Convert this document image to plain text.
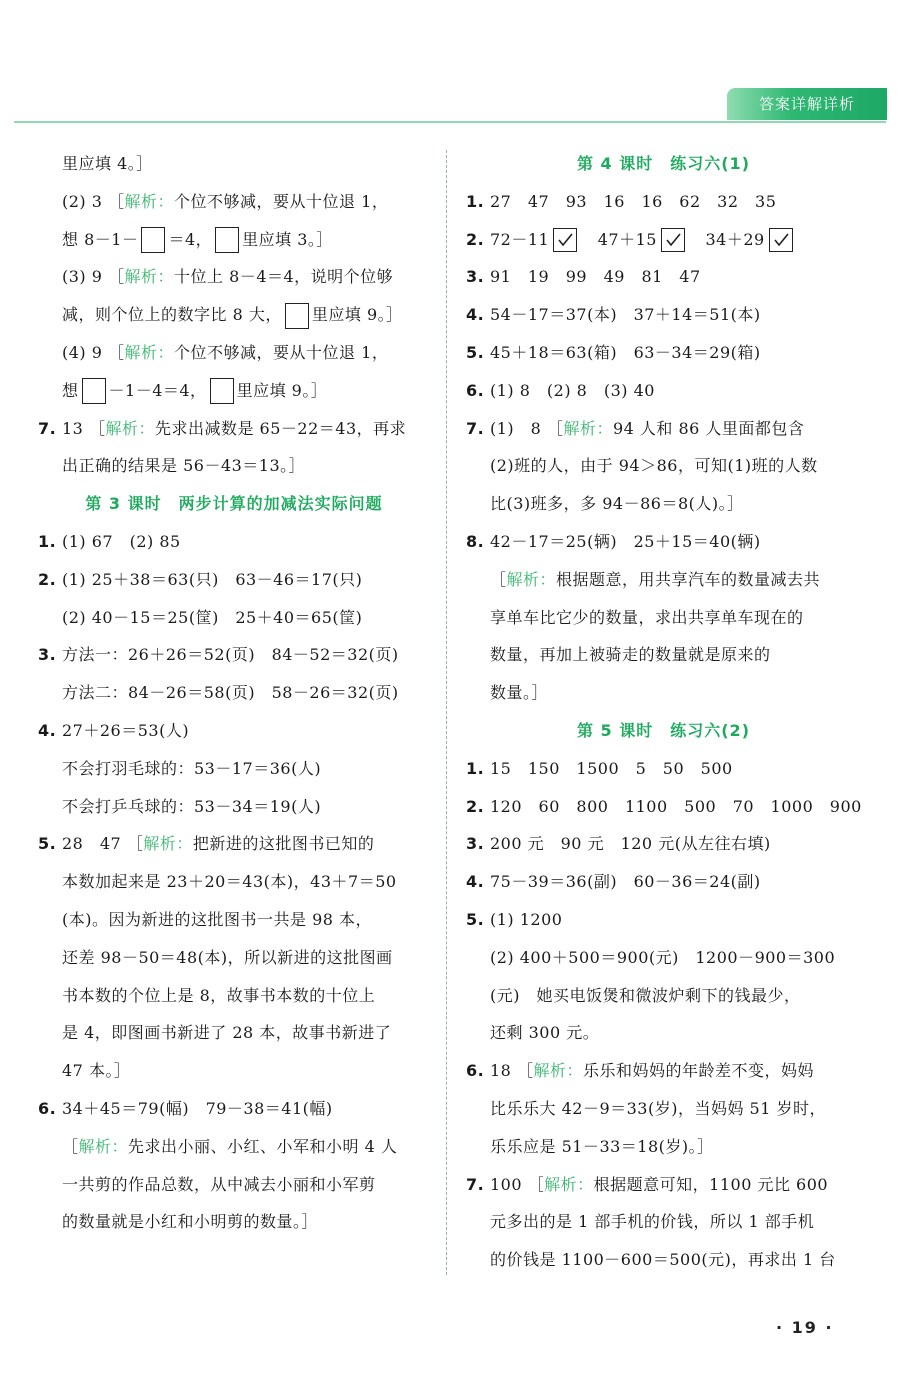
答案详解详析
里应填 4。］
(2) 3 ［解析：个位不够减，要从十位退 1，
想 8－1－ ＝4， 里应填 3。］
(3) 9 ［解析：十位上 8－4＝4，说明个位够
减，则个位上的数字比 8 大， 里应填 9。］
(4) 9 ［解析：个位不够减，要从十位退 1，
想 －1－4＝4， 里应填 9。］
7. 13 ［解析：先求出减数是 65－22＝43，再求
出正确的结果是 56－43＝13。］
第 3 课时　两步计算的加减法实际问题
1. (1) 67　(2) 85
2. (1) 25＋38＝63(只)　63－46＝17(只)
(2) 40－15＝25(筐)　25＋40＝65(筐)
3. 方法一：26＋26＝52(页)　84－52＝32(页)
方法二：84－26＝58(页)　58－26＝32(页)
4. 27＋26＝53(人)
不会打羽毛球的：53－17＝36(人)
不会打乒乓球的：53－34＝19(人)
5. 28　47 ［解析：把新进的这批图书已知的
本数加起来是 23＋20＝43(本)，43＋7＝50
(本)。因为新进的这批图书一共是 98 本，
还差 98－50＝48(本)，所以新进的这批图画
书本数的个位上是 8，故事书本数的十位上
是 4，即图画书新进了 28 本，故事书新进了
47 本。］
6. 34＋45＝79(幅)　79－38＝41(幅)
［解析：先求出小丽、小红、小军和小明 4 人
一共剪的作品总数，从中减去小丽和小军剪
的数量就是小红和小明剪的数量。］
第 4 课时　练习六(1)
1. 27　47　93　16　16　62　32　35
2. 72－11
　	47＋15
　	34＋29
3. 91　19　99　49　81　47
4. 54－17＝37(本)　37＋14＝51(本)
5. 45＋18＝63(箱)　63－34＝29(箱)
6. (1) 8　(2) 8　(3) 40
7. (1)　8 ［解析：94 人和 86 人里面都包含
(2)班的人，由于 94＞86，可知(1)班的人数
比(3)班多，多 94－86＝8(人)。］
8. 42－17＝25(辆)　25＋15＝40(辆)
［解析：根据题意，用共享汽车的数量减去共
享单车比它少的数量，求出共享单车现在的
数量，再加上被骑走的数量就是原来的
数量。］
第 5 课时　练习六(2)
1. 15　150　1500　5　50　500
2. 120　60　800　1100　500　70　1000　900
3. 200 元　90 元　120 元(从左往右填)
4. 75－39＝36(副)　60－36＝24(副)
5. (1) 1200
(2) 400＋500＝900(元)　1200－900＝300
(元)　她买电饭煲和微波炉剩下的钱最少，
还剩 300 元。
6. 18 ［解析：乐乐和妈妈的年龄差不变，妈妈
比乐乐大 42－9＝33(岁)，当妈妈 51 岁时，
乐乐应是 51－33＝18(岁)。］
7. 100 ［解析：根据题意可知，1100 元比 600
元多出的是 1 部手机的价钱，所以 1 部手机
的价钱是 1100－600＝500(元)，再求出 1 台
· 19 ·
